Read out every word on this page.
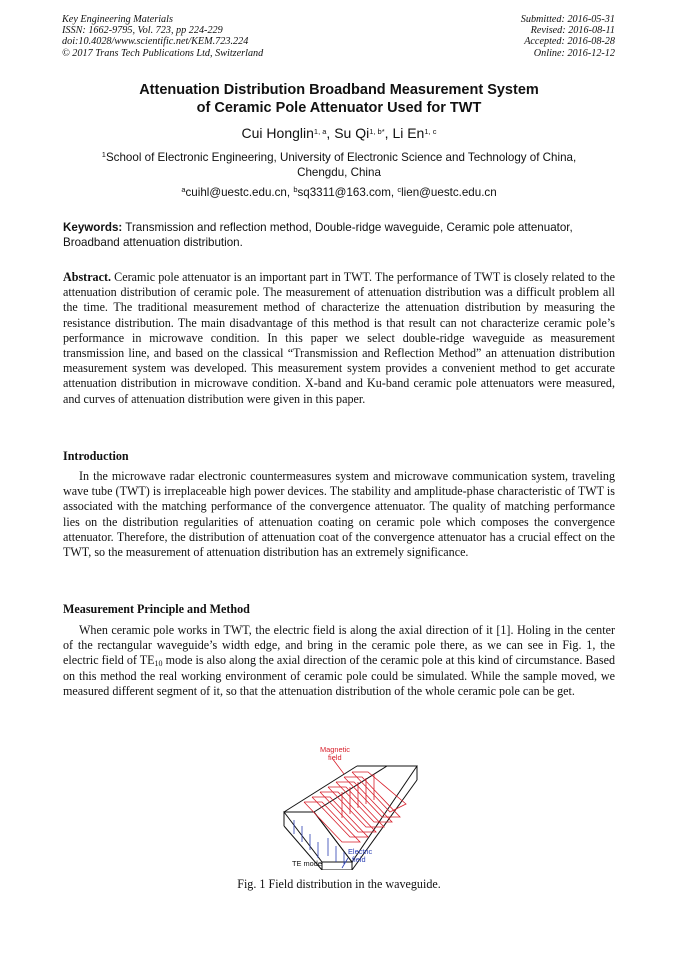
Key Engineering Materials
ISSN: 1662-9795, Vol. 723, pp 224-229
doi:10.4028/www.scientific.net/KEM.723.224
© 2017 Trans Tech Publications Ltd, Switzerland
Submitted: 2016-05-31
Revised: 2016-08-11
Accepted: 2016-08-28
Online: 2016-12-12
Attenuation Distribution Broadband Measurement System
of Ceramic Pole Attenuator Used for TWT
Cui Honglin$^{1, a}$, Su $Qi^{1, b*}$, Li En$^{1, c}$
$^1$School of Electronic Engineering, University of Electronic Science and Technology of China, Chengdu, China
$^a$cuihl@uestc.edu.cn, $^b$sq3311@163.com, $^c$lien@uestc.edu.cn
Keywords: Transmission and reflection method, Double-ridge waveguide, Ceramic pole attenuator, Broadband attenuation distribution.
Abstract. Ceramic pole attenuator is an important part in TWT. The performance of TWT is closely related to the attenuation distribution of ceramic pole. The measurement of attenuation distribution was a difficult problem all the time. The traditional measurement method of characterize the attenuation distribution by measuring the resistance distribution. The main disadvantage of this method is that result can not characterize ceramic pole’s performance in microwave condition. In this paper we select double-ridge waveguide as measurement transmission line, and based on the classical “Transmission and Reflection Method” an attenuation distribution measurement system was developed. This measurement system provides a convenient method to get accurate attenuation distribution in microwave condition. X-band and Ku-band ceramic pole attenuators were measured, and curves of attenuation distribution were given in this paper.
Introduction
In the microwave radar electronic countermeasures system and microwave communication system, traveling wave tube (TWT) is irreplaceable high power devices. The stability and amplitude-phase characteristic of TWT is associated with the matching performance of the convergence attenuator. The quality of matching performance lies on the distribution regularities of attenuation coating on ceramic pole which composes the convergence attenuator. Therefore, the distribution of attenuation coat of the convergence attenuator has a crucial effect on the TWT, so the measurement of attenuation distribution has an extremely significance.
Measurement Principle and Method
When ceramic pole works in TWT, the electric field is along the axial direction of it [1]. Holing in the center of the rectangular waveguide’s width edge, and bring in the ceramic pole there, as we can see in Fig. 1, the electric field of $TE_{10}$ mode is also along the axial direction of the ceramic pole at this kind of circumstance. Based on this method the real working environment of ceramic pole could be simulated. While the sample moved, we measured different segment of it, so that the attenuation distribution of the whole ceramic pole can be get.
Magnetic
field
Electric
field
TE mode
Fig. 1 Field distribution in the waveguide.
